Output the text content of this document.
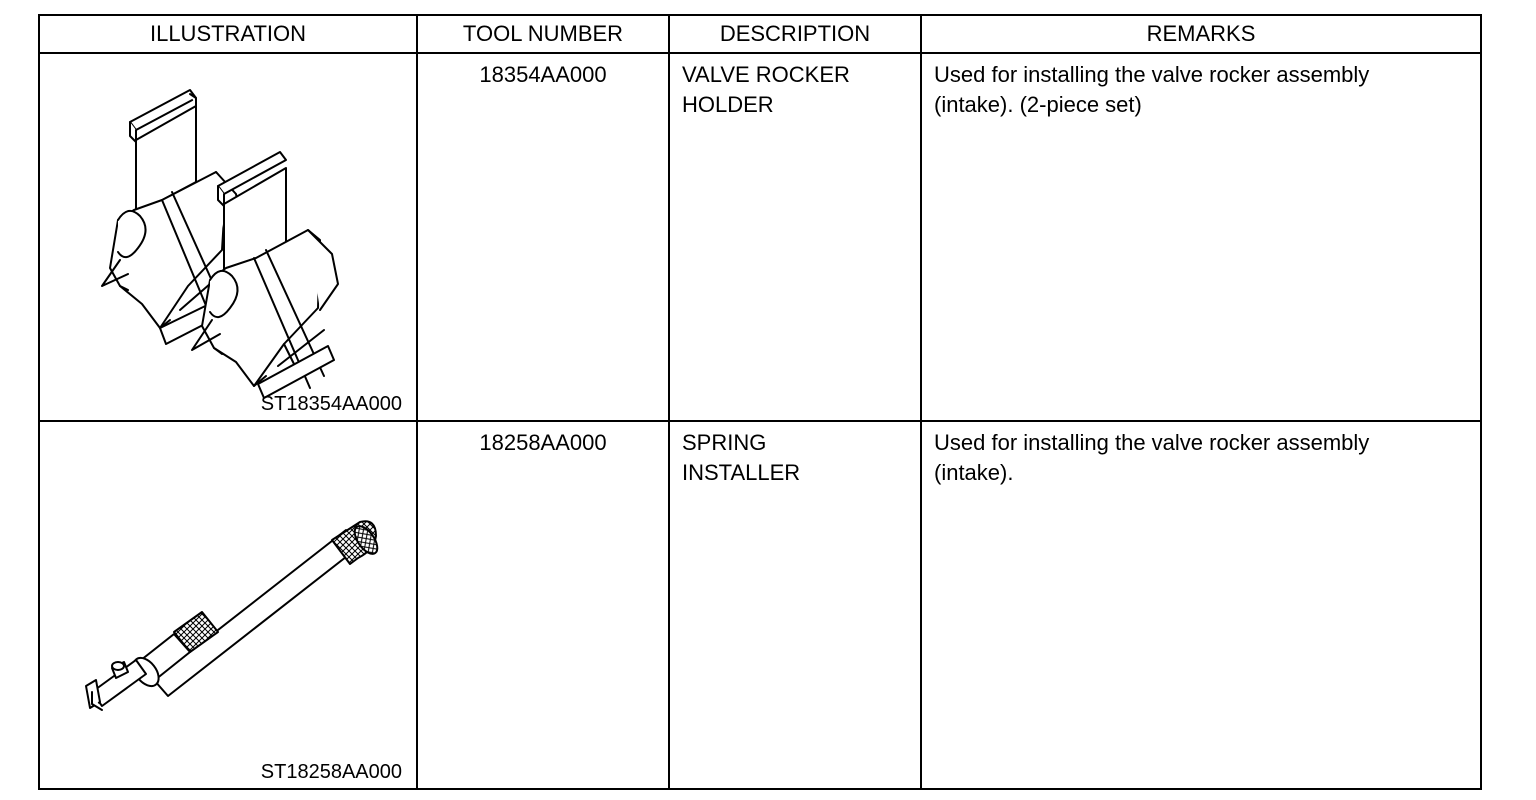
ILLUSTRATION	TOOL NUMBER	DESCRIPTION	REMARKS

ST18354AA000	18354AA000	VALVE ROCKER
HOLDER	Used for installing the valve rocker assembly
(intake). (2-piece set)

ST18258AA000	18258AA000	SPRING
INSTALLER	Used for installing the valve rocker assembly
(intake).
